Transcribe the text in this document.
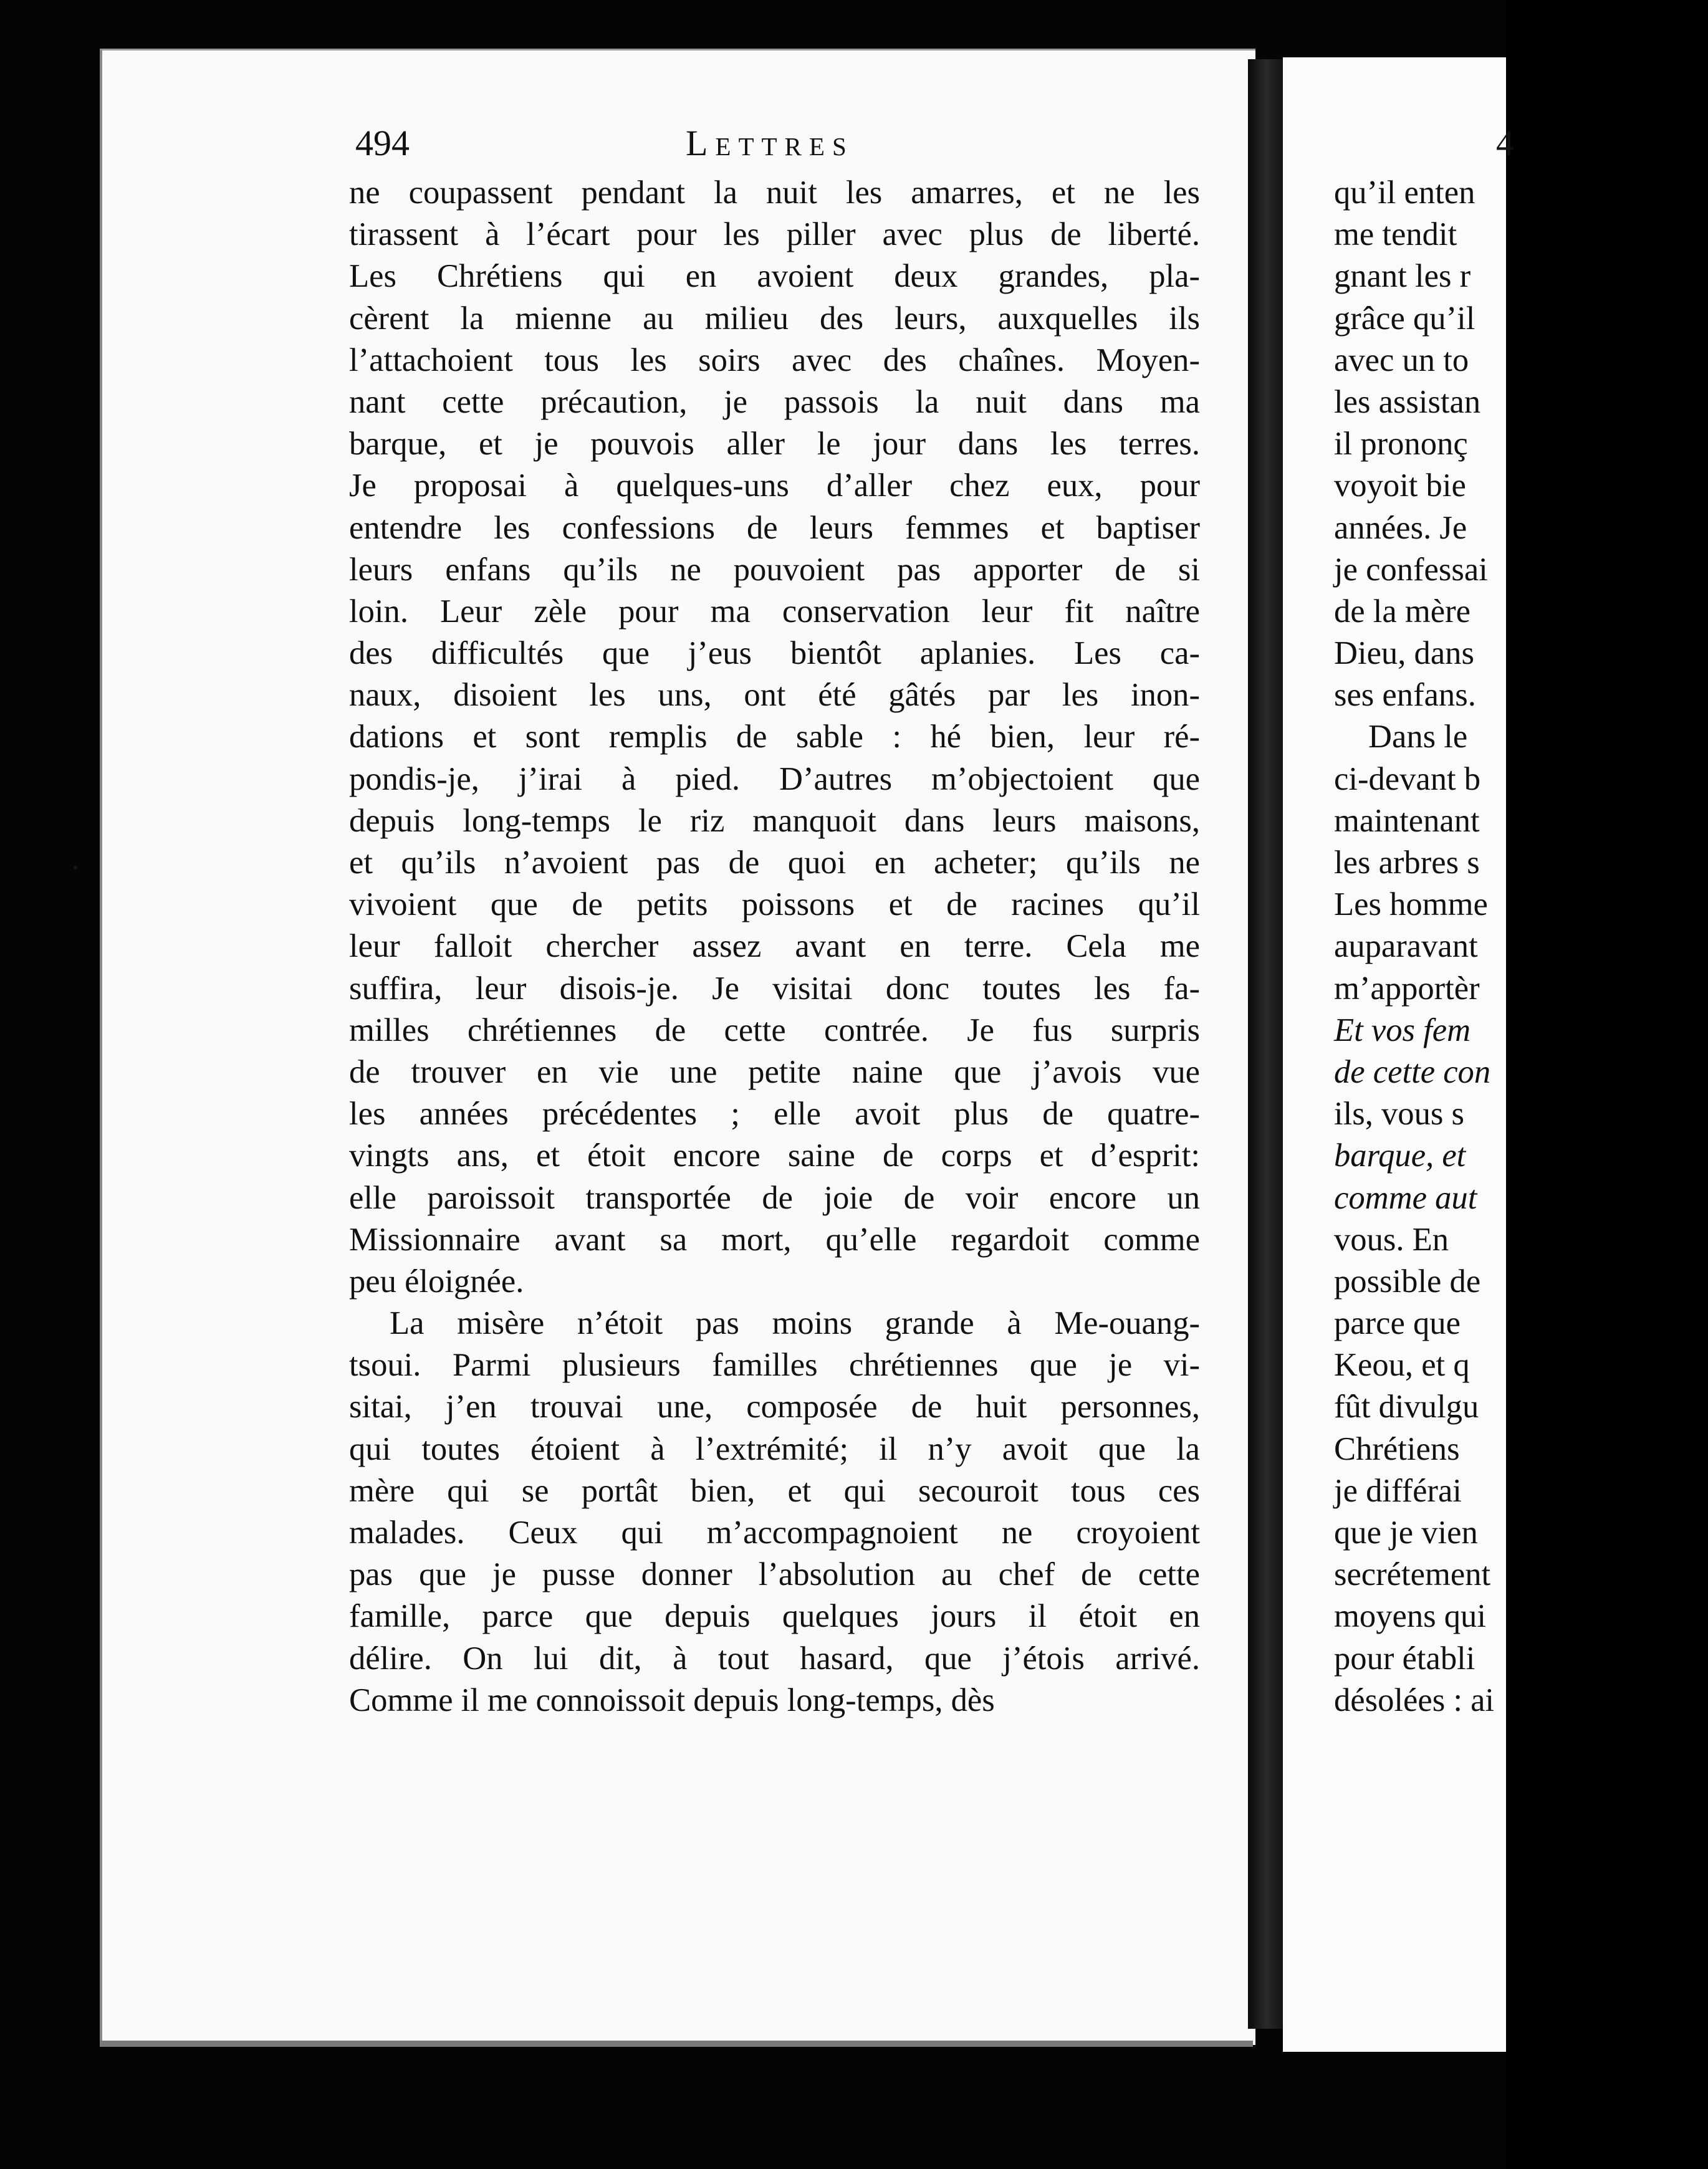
494	Lettres	4
ne coupassent pendant la nuit les amarres, et ne les
tirassent à l’écart pour les piller avec plus de liberté.
Les Chrétiens qui en avoient deux grandes, pla-
cèrent la mienne au milieu des leurs, auxquelles ils
l’attachoient tous les soirs avec des chaînes. Moyen-
nant cette précaution, je passois la nuit dans ma
barque, et je pouvois aller le jour dans les terres.
Je proposai à quelques-uns d’aller chez eux, pour
entendre les confessions de leurs femmes et baptiser
leurs enfans qu’ils ne pouvoient pas apporter de si
loin. Leur zèle pour ma conservation leur fit naître
des difficultés que j’eus bientôt aplanies. Les ca-
naux, disoient les uns, ont été gâtés par les inon-
dations et sont remplis de sable : hé bien, leur ré-
pondis-je, j’irai à pied. D’autres m’objectoient que
depuis long-temps le riz manquoit dans leurs maisons,
et qu’ils n’avoient pas de quoi en acheter; qu’ils ne
vivoient que de petits poissons et de racines qu’il
leur falloit chercher assez avant en terre. Cela me
suffira, leur disois-je. Je visitai donc toutes les fa-
milles chrétiennes de cette contrée. Je fus surpris
de trouver en vie une petite naine que j’avois vue
les années précédentes ; elle avoit plus de quatre-
vingts ans, et étoit encore saine de corps et d’esprit:
elle paroissoit transportée de joie de voir encore un
Missionnaire avant sa mort, qu’elle regardoit comme
peu éloignée.
La misère n’étoit pas moins grande à Me-ouang-
tsoui. Parmi plusieurs familles chrétiennes que je vi-
sitai, j’en trouvai une, composée de huit personnes,
qui toutes étoient à l’extrémité; il n’y avoit que la
mère qui se portât bien, et qui secouroit tous ces
malades. Ceux qui m’accompagnoient ne croyoient
pas que je pusse donner l’absolution au chef de cette
famille, parce que depuis quelques jours il étoit en
délire. On lui dit, à tout hasard, que j’étois arrivé.
Comme il me connoissoit depuis long-temps, dès
qu’il enten
me tendit
gnant les r
grâce qu’il
avec un to
les assistan
il prononç
voyoit bie
années. Je
je confessai
de la mère
Dieu, dans
ses enfans.
Dans le
ci-devant b
maintenant
les arbres s
Les homme
auparavant
m’apportèr
Et vos fem
de cette con
ils, vous s
barque, et
comme aut
vous. En
possible de
parce que
Keou, et q
fût divulgu
Chrétiens
je différai
que je vien
secrétement
moyens qui
pour établi
désolées : ai
